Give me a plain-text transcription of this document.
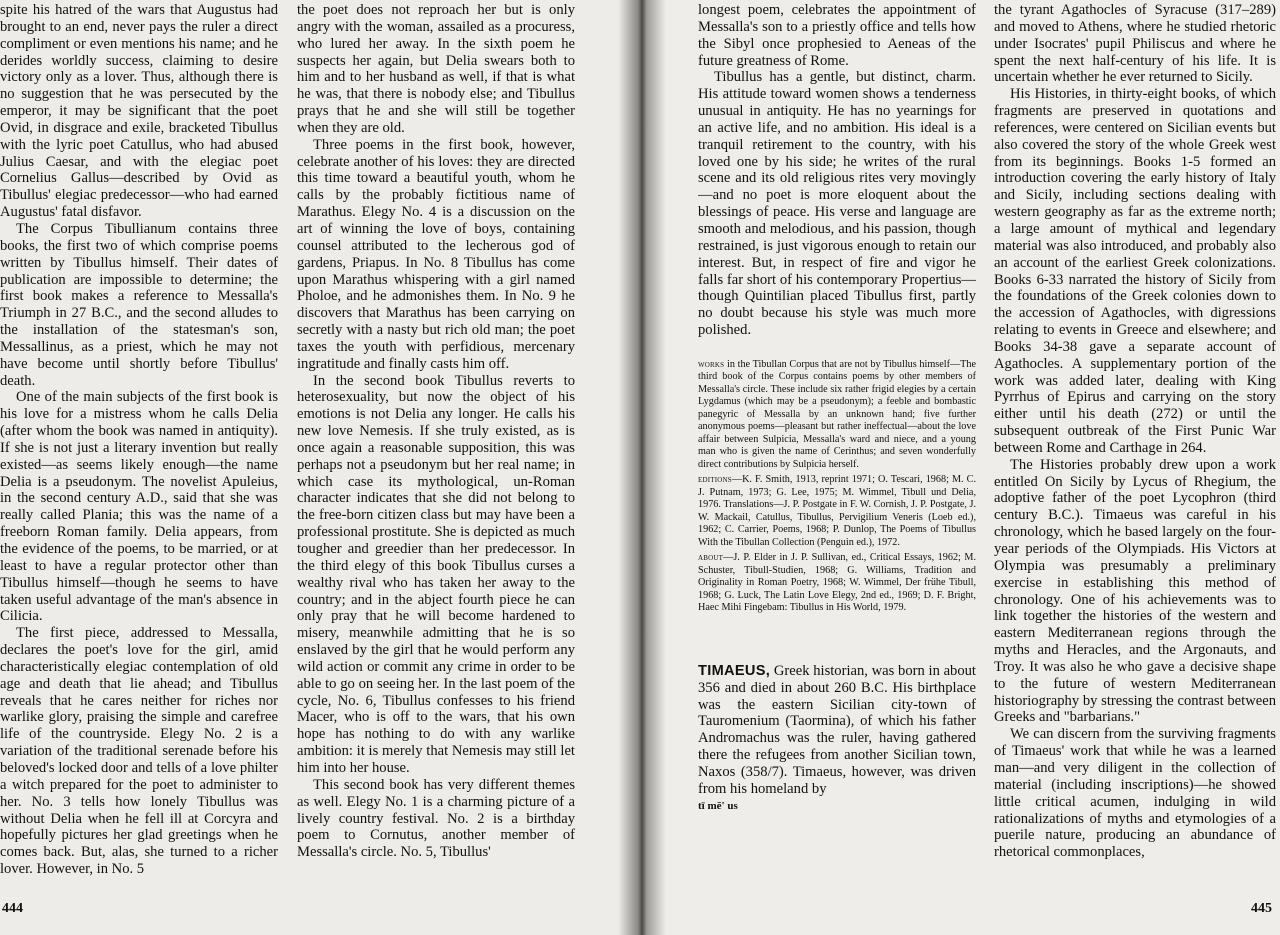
spite his hatred of the wars that Augustus had brought to an end, never pays the ruler a direct compliment or even mentions his name; and he derides worldly success, claiming to desire victory only as a lover. Thus, although there is no suggestion that he was persecuted by the emperor, it may be significant that the poet Ovid, in disgrace and exile, bracketed Tibullus with the lyric poet Catullus, who had abused Julius Caesar, and with the elegiac poet Cornelius Gallus—described by Ovid as Tibullus' elegiac predecessor—who had earned Augustus' fatal disfavor.

The Corpus Tibullianum contains three books, the first two of which comprise poems written by Tibullus himself. Their dates of publication are impossible to determine; the first book makes a reference to Messalla's Triumph in 27 B.C., and the second alludes to the installation of the statesman's son, Messallinus, as a priest, which he may not have become until shortly before Tibullus' death.

One of the main subjects of the first book is his love for a mistress whom he calls Delia (after whom the book was named in antiquity). If she is not just a literary invention but really existed—as seems likely enough—the name Delia is a pseudonym. The novelist Apuleius, in the second century A.D., said that she was really called Plania; this was the name of a freeborn Roman family. Delia appears, from the evidence of the poems, to be married, or at least to have a regular protector other than Tibullus himself—though he seems to have taken useful advantage of the man's absence in Cilicia.

The first piece, addressed to Messalla, declares the poet's love for the girl, amid characteristically elegiac contemplation of old age and death that lie ahead; and Tibullus reveals that he cares neither for riches nor warlike glory, praising the simple and carefree life of the countryside. Elegy No. 2 is a variation of the traditional serenade before his beloved's locked door and tells of a love philter a witch prepared for the poet to administer to her. No. 3 tells how lonely Tibullus was without Delia when he fell ill at Corcyra and hopefully pictures her glad greetings when he comes back. But, alas, she turned to a richer lover. However, in No. 5

the poet does not reproach her but is only angry with the woman, assailed as a procuress, who lured her away. In the sixth poem he suspects her again, but Delia swears both to him and to her husband as well, if that is what he was, that there is nobody else; and Tibullus prays that he and she will still be together when they are old.

Three poems in the first book, however, celebrate another of his loves: they are directed this time toward a beautiful youth, whom he calls by the probably fictitious name of Marathus. Elegy No. 4 is a discussion on the art of winning the love of boys, containing counsel attributed to the lecherous god of gardens, Priapus. In No. 8 Tibullus has come upon Marathus whispering with a girl named Pholoe, and he admonishes them. In No. 9 he discovers that Marathus has been carrying on secretly with a nasty but rich old man; the poet taxes the youth with perfidious, mercenary ingratitude and finally casts him off.

In the second book Tibullus reverts to heterosexuality, but now the object of his emotions is not Delia any longer. He calls his new love Nemesis. If she truly existed, as is once again a reasonable supposition, this was perhaps not a pseudonym but her real name; in which case its mythological, un-Roman character indicates that she did not belong to the free-born citizen class but may have been a professional prostitute. She is depicted as much tougher and greedier than her predecessor. In the third elegy of this book Tibullus curses a wealthy rival who has taken her away to the country; and in the abject fourth piece he can only pray that he will become hardened to misery, meanwhile admitting that he is so enslaved by the girl that he would perform any wild action or commit any crime in order to be able to go on seeing her. In the last poem of the cycle, No. 6, Tibullus confesses to his friend Macer, who is off to the wars, that his own hope has nothing to do with any warlike ambition: it is merely that Nemesis may still let him into her house.

This second book has very different themes as well. Elegy No. 1 is a charming picture of a lively country festival. No. 2 is a birthday poem to Cornutus, another member of Messalla's circle. No. 5, Tibullus'

444

longest poem, celebrates the appointment of Messalla's son to a priestly office and tells how the Sibyl once prophesied to Aeneas of the future greatness of Rome.

Tibullus has a gentle, but distinct, charm. His attitude toward women shows a tenderness unusual in antiquity. He has no yearnings for an active life, and no ambition. His ideal is a tranquil retirement to the country, with his loved one by his side; he writes of the rural scene and its old religious rites very movingly—and no poet is more eloquent about the blessings of peace. His verse and language are smooth and melodious, and his passion, though restrained, is just vigorous enough to retain our interest. But, in respect of fire and vigor he falls far short of his contemporary Propertius—though Quintilian placed Tibullus first, partly no doubt because his style was much more polished.

works in the Tibullan Corpus that are not by Tibullus himself—The third book of the Corpus contains poems by other members of Messalla's circle. These include six rather frigid elegies by a certain Lygdamus (which may be a pseudonym); a feeble and bombastic panegyric of Messalla by an unknown hand; five further anonymous poems—pleasant but rather ineffectual—about the love affair between Sulpicia, Messalla's ward and niece, and a young man who is given the name of Cerinthus; and seven wonderfully direct contributions by Sulpicia herself.

editions—K. F. Smith, 1913, reprint 1971; O. Tescari, 1968; M. C. J. Putnam, 1973; G. Lee, 1975; M. Wimmel, Tibull und Delia, 1976. Translations—J. P. Postgate in F. W. Cornish, J. P. Postgate, J. W. Mackail, Catullus, Tibullus, Pervigilium Veneris (Loeb ed.), 1962; C. Carrier, Poems, 1968; P. Dunlop, The Poems of Tibullus With the Tibullan Collection (Penguin ed.), 1972.

about—J. P. Elder in J. P. Sullivan, ed., Critical Essays, 1962; M. Schuster, Tibull-Studien, 1968; G. Williams, Tradition and Originality in Roman Poetry, 1968; W. Wimmel, Der frühe Tibull, 1968; G. Luck, The Latin Love Elegy, 2nd ed., 1969; D. F. Bright, Haec Mihi Fingebam: Tibullus in His World, 1979.

TIMAEUS, Greek historian, was born in about 356 and died in about 260 B.C. His birthplace was the eastern Sicilian city-town of Tauromenium (Taormina), of which his father Andromachus was the ruler, having gathered there the refugees from another Sicilian town, Naxos (358/7). Timaeus, however, was driven from his homeland by

tī mē' us

the tyrant Agathocles of Syracuse (317–289) and moved to Athens, where he studied rhetoric under Isocrates' pupil Philiscus and where he spent the next half-century of his life. It is uncertain whether he ever returned to Sicily.

His Histories, in thirty-eight books, of which fragments are preserved in quotations and references, were centered on Sicilian events but also covered the story of the whole Greek west from its beginnings. Books 1-5 formed an introduction covering the early history of Italy and Sicily, including sections dealing with western geography as far as the extreme north; a large amount of mythical and legendary material was also introduced, and probably also an account of the earliest Greek colonizations. Books 6-33 narrated the history of Sicily from the foundations of the Greek colonies down to the accession of Agathocles, with digressions relating to events in Greece and elsewhere; and Books 34-38 gave a separate account of Agathocles. A supplementary portion of the work was added later, dealing with King Pyrrhus of Epirus and carrying on the story either until his death (272) or until the subsequent outbreak of the First Punic War between Rome and Carthage in 264.

The Histories probably drew upon a work entitled On Sicily by Lycus of Rhegium, the adoptive father of the poet Lycophron (third century B.C.). Timaeus was careful in his chronology, which he based largely on the four-year periods of the Olympiads. His Victors at Olympia was presumably a preliminary exercise in establishing this method of chronology. One of his achievements was to link together the histories of the western and eastern Mediterranean regions through the myths and Heracles, and the Argonauts, and Troy. It was also he who gave a decisive shape to the future of western Mediterranean historiography by stressing the contrast between Greeks and "barbarians."

We can discern from the surviving fragments of Timaeus' work that while he was a learned man—and very diligent in the collection of material (including inscriptions)—he showed little critical acumen, indulging in wild rationalizations of myths and etymologies of a puerile nature, producing an abundance of rhetorical commonplaces,

445
